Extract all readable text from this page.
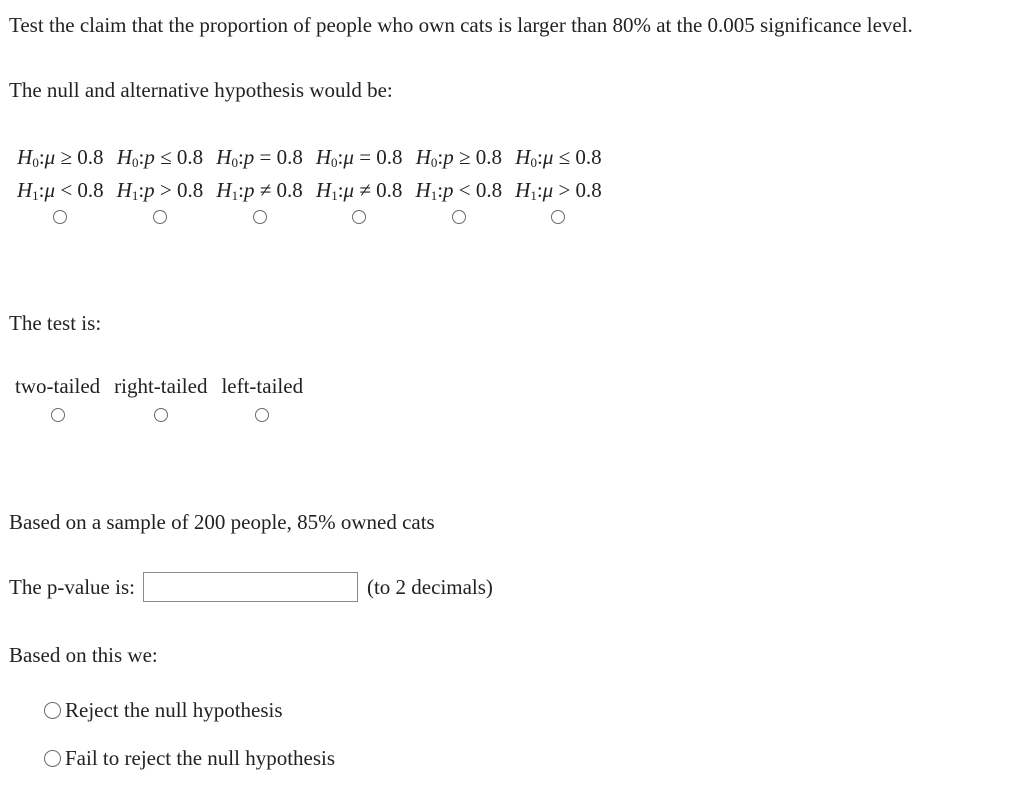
Test the claim that the proportion of people who own cats is larger than 80% at the 0.005 significance level.
The null and alternative hypothesis would be:
$H_0:\mu \ge 0.8$
$H_1:\mu < 0.8$
$H_0:p \le 0.8$
$H_1:p > 0.8$
$H_0:p = 0.8$
$H_1:p \ne 0.8$
$H_0:\mu = 0.8$
$H_1:\mu \ne 0.8$
$H_0:p \ge 0.8$
$H_1:p < 0.8$
$H_0:\mu \le 0.8$
$H_1:\mu > 0.8$
The test is:
two-tailed right-tailed left-tailed
Based on a sample of 200 people, 85% owned cats
The p-value is:	(to 2 decimals)
Based on this we:
Reject the null hypothesis
Fail to reject the null hypothesis
